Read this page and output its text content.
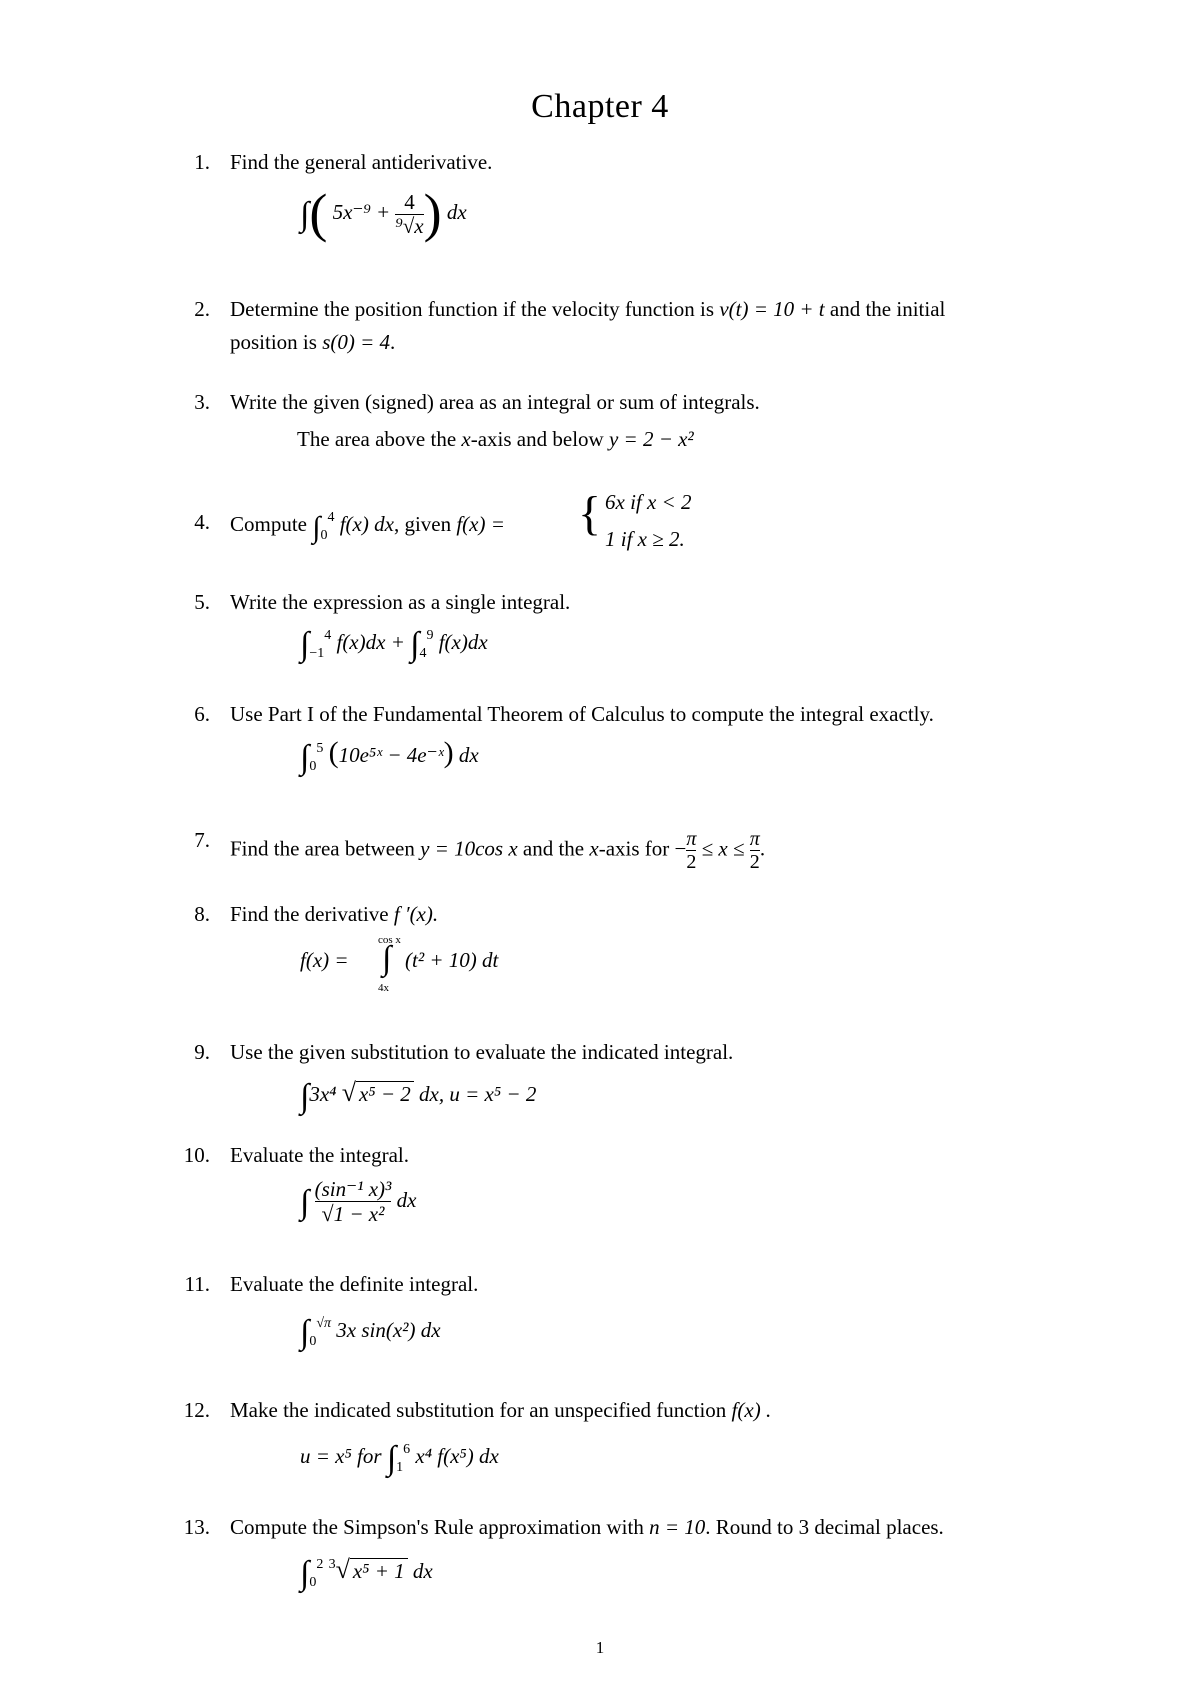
Chapter 4
1. Find the general antiderivative.
∫( $5x^{-9} + \frac{4}{\text{⁹√x}}$ ) dx
2. Determine the position function if the velocity function is v(t) = 10 + t and the initial
position is s(0) = 4.
3. Write the given (signed) area as an integral or sum of integrals.
The area above the x-axis and below y = 2 − x²
4. Compute $\int_0^4$ f(x) dx, given f(x) = { 6x if x < 2
1 if x ≥ 2.
5. Write the expression as a single integral.
$\int_{-1}^4$ $f(x)dx + \int_4^9$ f(x)dx
6. Use Part I of the Fundamental Theorem of Calculus to compute the integral exactly.
$\int_0^5$ (10e⁵ˣ − 4e⁻ˣ) dx
7. Find the area between y = 10cos x and the x-axis for − $\frac{\pi}{2} \le x \le \frac{\pi}{2}$ .
8. Find the derivative f ′(x).
f(x) =
cos x
∫
4x
(t² + 10) dt
9. Use the given substitution to evaluate the indicated integral.
∫3x⁴ √ x⁵ − 2 dx, u = x⁵ − 2
10. Evaluate the integral.
∫ $\frac{\text{(sin⁻¹ x)³}}{\text{√1 − x²}}$ dx
11. Evaluate the definite integral.
$\int_0^{√\pi}$ 3x sin(x²) dx
12. Make the indicated substitution for an unspecified function f(x) .
u = x⁵ for $\int_1^6$ x⁴ f(x⁵) dx
13. Compute the Simpson's Rule approximation with n = 10. Round to 3 decimal places.
$\int_0^2$ $^3$√ x⁵ + 1 dx
1
